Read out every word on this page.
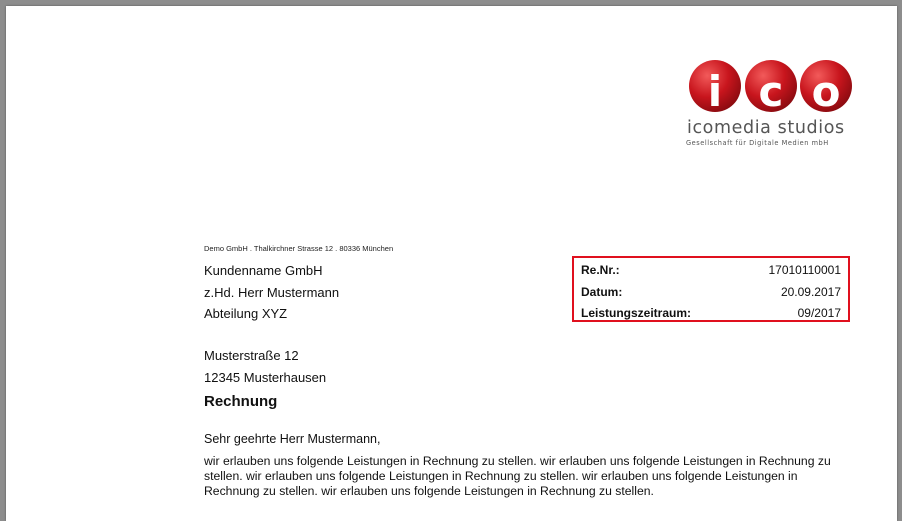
i c o
icomedia studios
Gesellschaft für Digitale Medien mbH
Demo GmbH . Thalkirchner Strasse 12 . 80336 München
Kundenname GmbH
z.Hd. Herr Mustermann
Abteilung XYZ
Musterstraße 12
12345 Musterhausen
Re.Nr.:	17010110001
Datum:	20.09.2017
Leistungszeitraum:	09/2017
Rechnung
Sehr geehrte Herr Mustermann,
wir erlauben uns folgende Leistungen in Rechnung zu stellen. wir erlauben uns folgende Leistungen in Rechnung zu stellen. wir erlauben uns folgende Leistungen in Rechnung zu stellen. wir erlauben uns folgende Leistungen in Rechnung zu stellen. wir erlauben uns folgende Leistungen in Rechnung zu stellen.
